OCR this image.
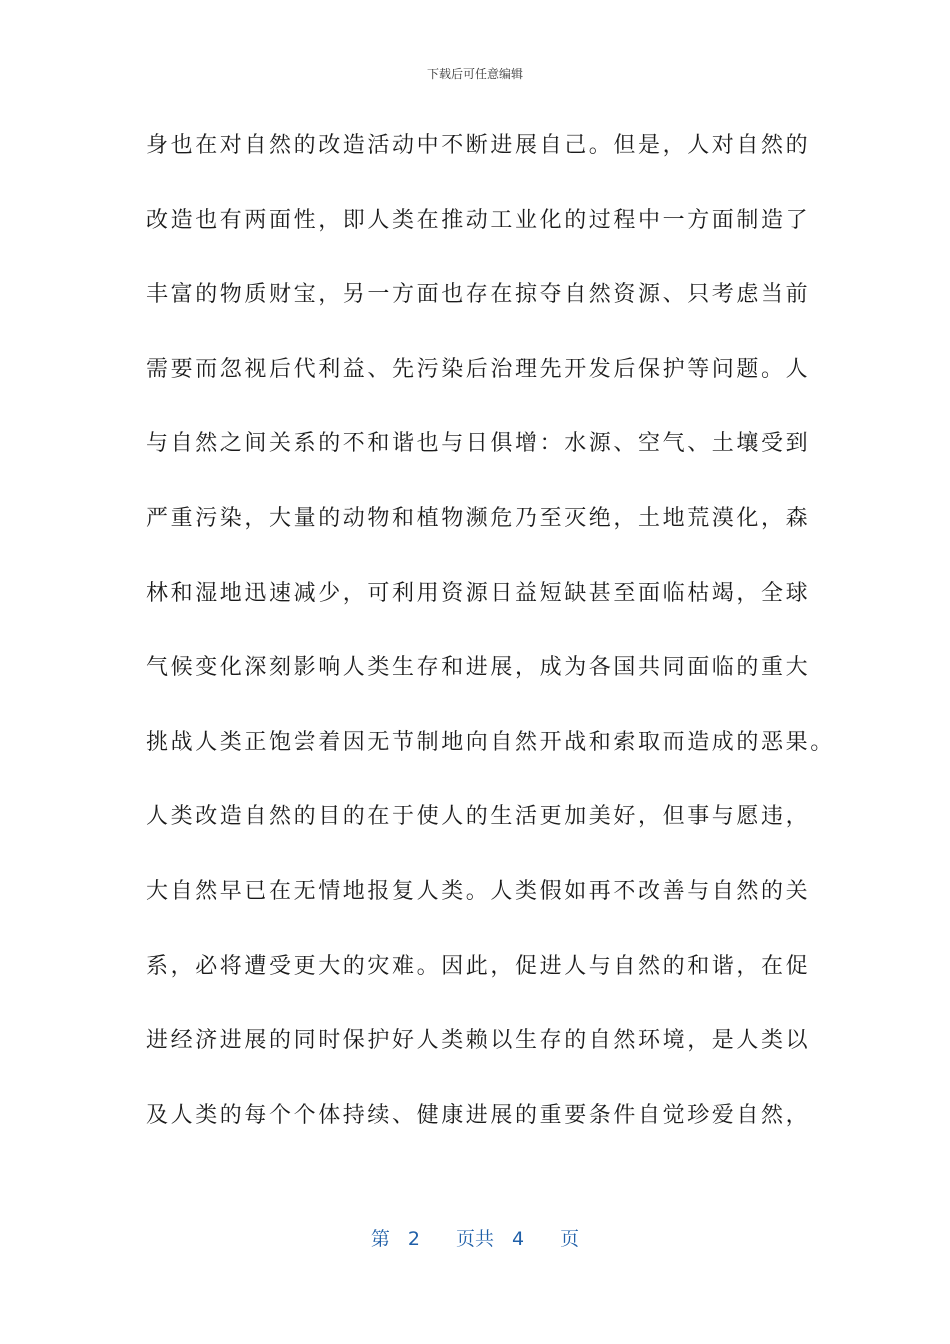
下载后可任意编辑
身也在对自然的改造活动中不断进展自己。但是，人对自然的
改造也有两面性，即人类在推动工业化的过程中一方面制造了
丰富的物质财宝，另一方面也存在掠夺自然资源、只考虑当前
需要而忽视后代利益、先污染后治理先开发后保护等问题。人
与自然之间关系的不和谐也与日俱增：水源、空气、土壤受到
严重污染，大量的动物和植物濒危乃至灭绝，土地荒漠化，森
林和湿地迅速减少，可利用资源日益短缺甚至面临枯竭，全球
气候变化深刻影响人类生存和进展，成为各国共同面临的重大
挑战人类正饱尝着因无节制地向自然开战和索取而造成的恶果。
人类改造自然的目的在于使人的生活更加美好，但事与愿违，
大自然早已在无情地报复人类。人类假如再不改善与自然的关
系，必将遭受更大的灾难。因此，促进人与自然的和谐，在促
进经济进展的同时保护好人类赖以生存的自然环境，是人类以
及人类的每个个体持续、健康进展的重要条件自觉珍爱自然，
第 2 页共 4 页
